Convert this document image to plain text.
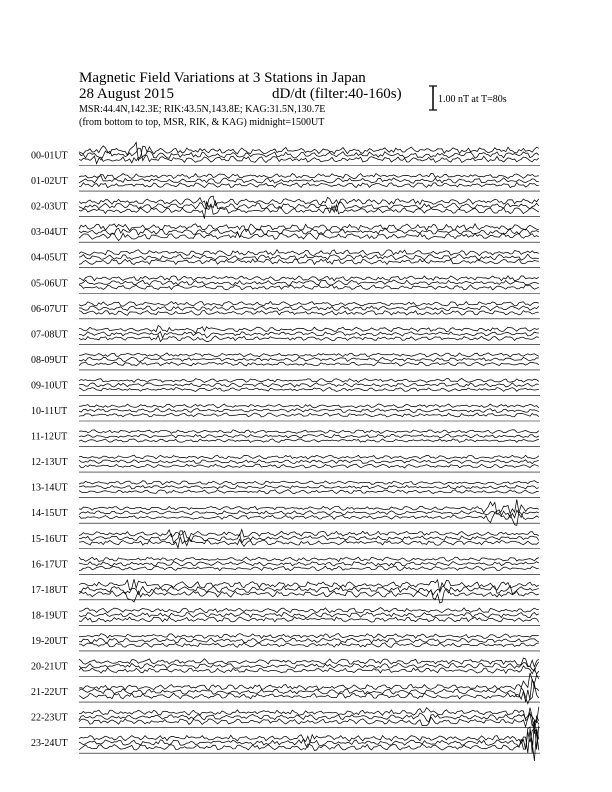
Magnetic Field Variations at 3 Stations in Japan
28 August 2015	dD/dt (filter:40-160s)
MSR:44.4N,142.3E; RIK:43.5N,143.8E; KAG:31.5N,130.7E
(from bottom to top, MSR, RIK, & KAG) midnight=1500UT
1.00 nT at T=80s
00-01UT
01-02UT
02-03UT
03-04UT
04-05UT
05-06UT
06-07UT
07-08UT
08-09UT
09-10UT
10-11UT
11-12UT
12-13UT
13-14UT
14-15UT
15-16UT
16-17UT
17-18UT
18-19UT
19-20UT
20-21UT
21-22UT
22-23UT
23-24UT
